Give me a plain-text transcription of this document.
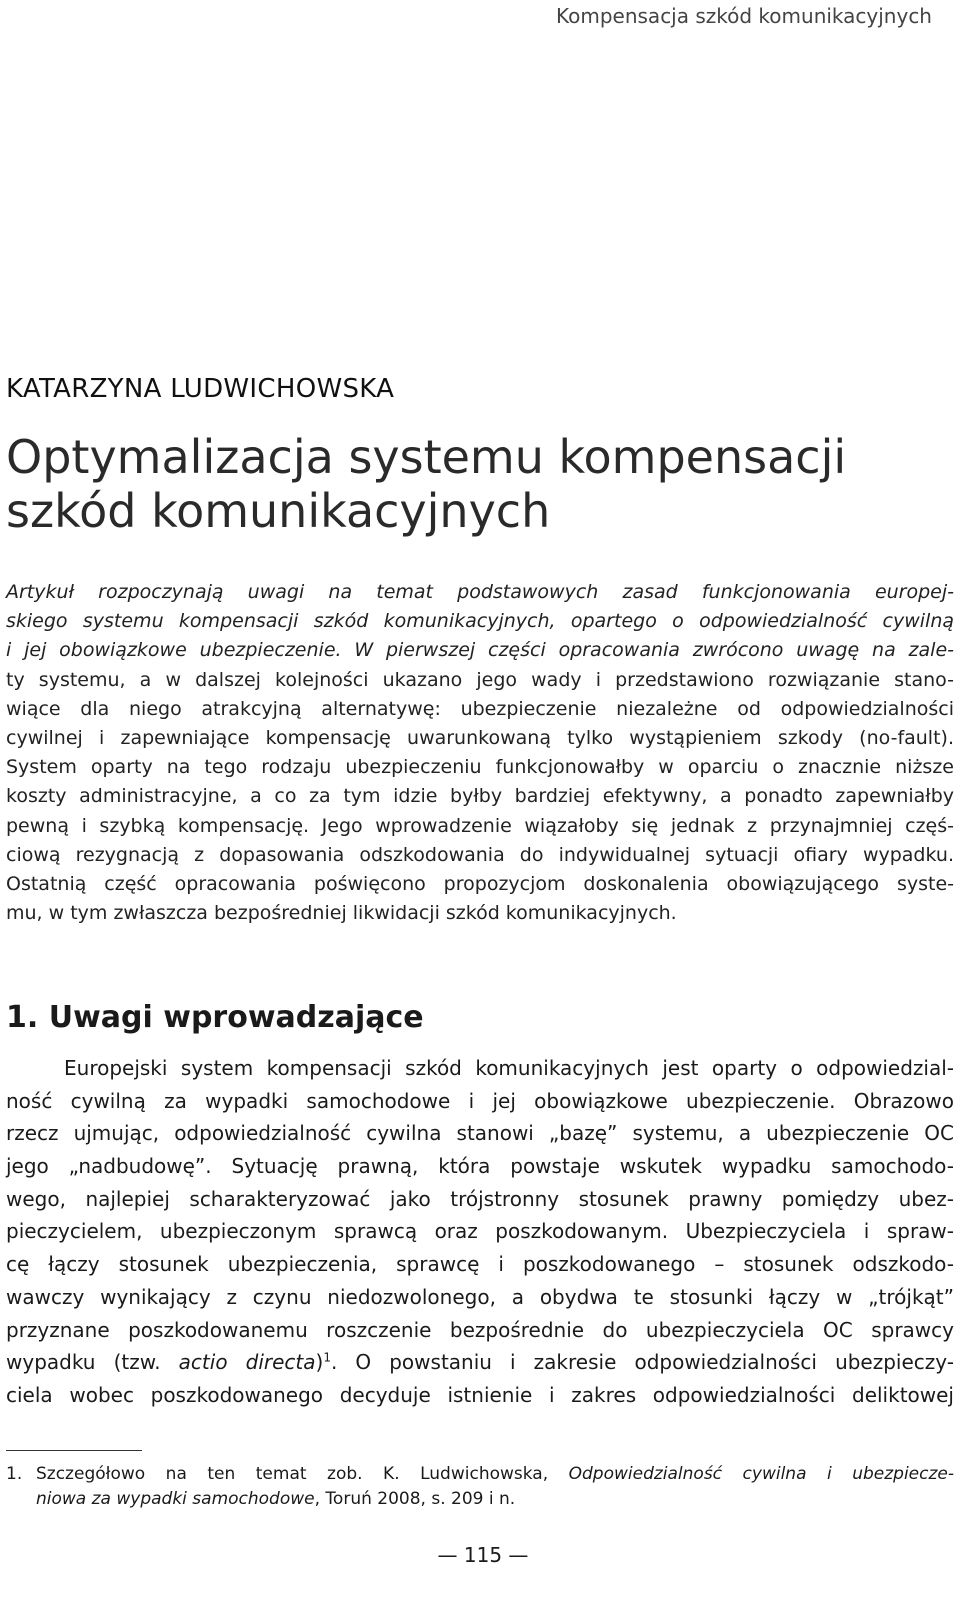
Kompensacja szkód komunikacyjnych
KATARZYNA LUDWICHOWSKA
Optymalizacja systemu kompensacji
szkód komunikacyjnych
Artykuł rozpoczynają uwagi na temat podstawowych zasad funkcjonowania europej-
skiego systemu kompensacji szkód komunikacyjnych, opartego o odpowiedzialność cywilną
i jej obowiązkowe ubezpieczenie. W pierwszej części opracowania zwrócono uwagę na zale-
ty systemu, a w dalszej kolejności ukazano jego wady i przedstawiono rozwiązanie stano-
wiące dla niego atrakcyjną alternatywę: ubezpieczenie niezależne od odpowiedzialności
cywilnej i zapewniające kompensację uwarunkowaną tylko wystąpieniem szkody (no-fault).
System oparty na tego rodzaju ubezpieczeniu funkcjonowałby w oparciu o znacznie niższe
koszty administracyjne, a co za tym idzie byłby bardziej efektywny, a ponadto zapewniałby
pewną i szybką kompensację. Jego wprowadzenie wiązałoby się jednak z przynajmniej częś-
ciową rezygnacją z dopasowania odszkodowania do indywidualnej sytuacji ofiary wypadku.
Ostatnią część opracowania poświęcono propozycjom doskonalenia obowiązującego syste-
mu, w tym zwłaszcza bezpośredniej likwidacji szkód komunikacyjnych.
1. Uwagi wprowadzające
Europejski system kompensacji szkód komunikacyjnych jest oparty o odpowiedzial-
ność cywilną za wypadki samochodowe i jej obowiązkowe ubezpieczenie. Obrazowo
rzecz ujmując, odpowiedzialność cywilna stanowi „bazę” systemu, a ubezpieczenie OC
jego „nadbudowę”. Sytuację prawną, która powstaje wskutek wypadku samochodo-
wego, najlepiej scharakteryzować jako trójstronny stosunek prawny pomiędzy ubez-
pieczycielem, ubezpieczonym sprawcą oraz poszkodowanym. Ubezpieczyciela i spraw-
cę łączy stosunek ubezpieczenia, sprawcę i poszkodowanego – stosunek odszkodo-
wawczy wynikający z czynu niedozwolonego, a obydwa te stosunki łączy w „trójkąt”
przyznane poszkodowanemu roszczenie bezpośrednie do ubezpieczyciela OC sprawcy
wypadku (tzw. actio directa)$^1$. O powstaniu i zakresie odpowiedzialności ubezpieczy-
ciela wobec poszkodowanego decyduje istnienie i zakres odpowiedzialności deliktowej
1. Szczegółowo na ten temat zob. K. Ludwichowska, Odpowiedzialność cywilna i ubezpiecze-
niowa za wypadki samochodowe, Toruń 2008, s. 209 i n.
— 115 —
